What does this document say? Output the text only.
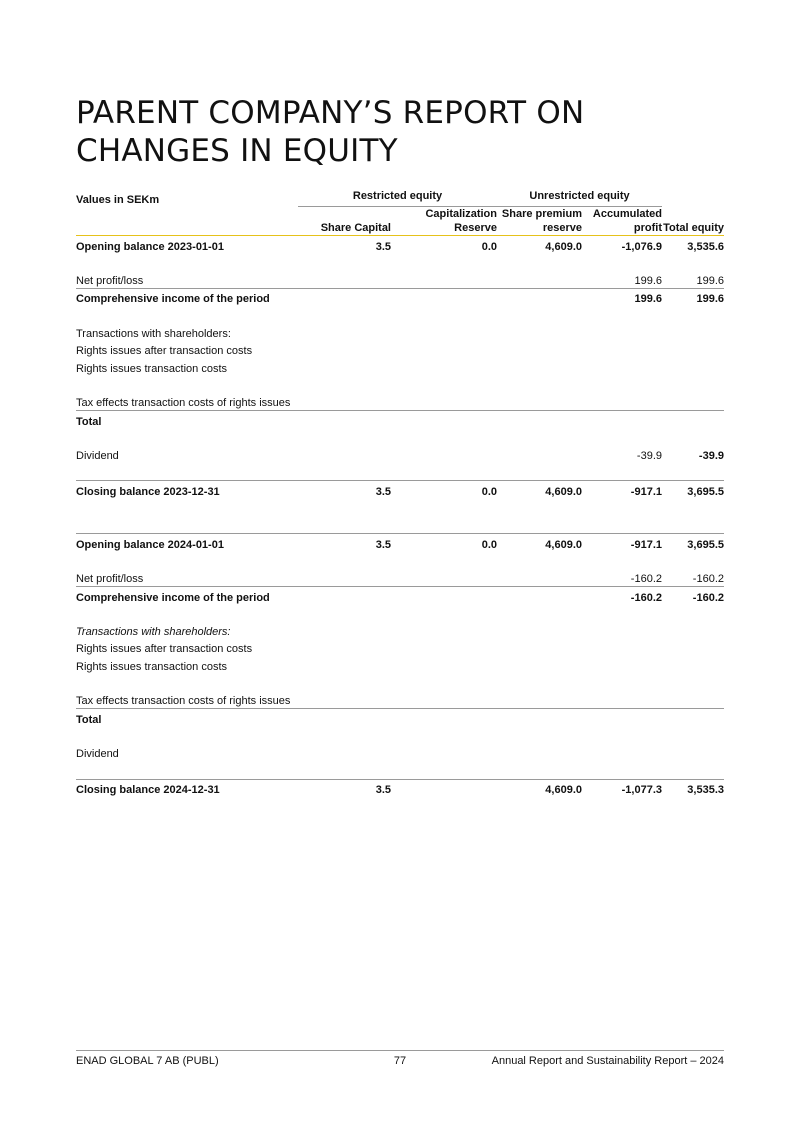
PARENT COMPANY’S REPORT ON CHANGES IN EQUITY
Values in SEKm	Restricted equity		Unrestricted equity		
	Share Capital	Capitalization Reserve	Share premium reserve	Accumulated profit	Total equity
Opening balance 2023-01-01	3.5	0.0	4,609.0	-1,076.9	3,535.6

Net profit/loss				199.6	199.6
Comprehensive income of the period				199.6	199.6

Transactions with shareholders:					
Rights issues after transaction costs					
Rights issues transaction costs					

Tax effects transaction costs of rights issues					
Total					

Dividend				-39.9	-39.9

Closing balance 2023-12-31	3.5	0.0	4,609.0	-917.1	3,695.5

Opening balance 2024-01-01	3.5	0.0	4,609.0	-917.1	3,695.5

Net profit/loss				-160.2	-160.2
Comprehensive income of the period				-160.2	-160.2

Transactions with shareholders:					
Rights issues after transaction costs					
Rights issues transaction costs					

Tax effects transaction costs of rights issues					
Total					

Dividend					

Closing balance 2024-12-31	3.5		4,609.0	-1,077.3	3,535.3
ENAD GLOBAL 7 AB (PUBL)	77	Annual Report and Sustainability Report – 2024
